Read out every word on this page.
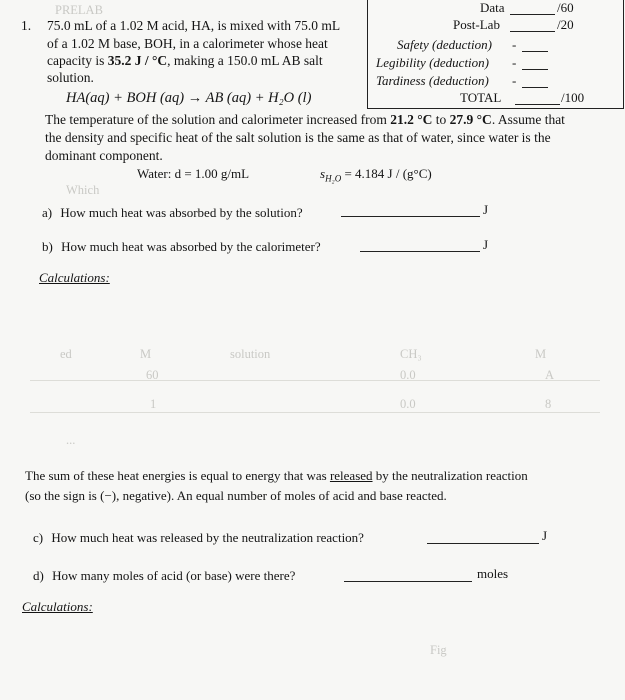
PRELAB
Which
ed	M	solution	CH₃	M
60	0.0	A
1	0.0	8
...
Fig
1. 75.0 mL of a 1.02 M acid, HA, is mixed with 75.0 mL
of a 1.02 M base, BOH, in a calorimeter whose heat
capacity is 35.2 J / °C, making a 150.0 mL AB salt
solution.
HA(aq) + BOH (aq) → AB (aq) + H₂O (l)
The temperature of the solution and calorimeter increased from 21.2 °C to 27.9 °C. Assume that
the density and specific heat of the salt solution is the same as that of water, since water is the
dominant component.
Water: d = 1.00 g/mL	$s_{H_2O} = 4.184$ J / (g°C)
Data	/60
Post-Lab	/20
Safety (deduction) -
Legibility (deduction) -
Tardiness (deduction) -
TOTAL	/100
a) How much heat was absorbed by the solution?	J
b) How much heat was absorbed by the calorimeter?	J
Calculations:
The sum of these heat energies is equal to energy that was released by the neutralization reaction
(so the sign is (−), negative). An equal number of moles of acid and base reacted.
c) How much heat was released by the neutralization reaction?	J
d) How many moles of acid (or base) were there?	moles
Calculations:
